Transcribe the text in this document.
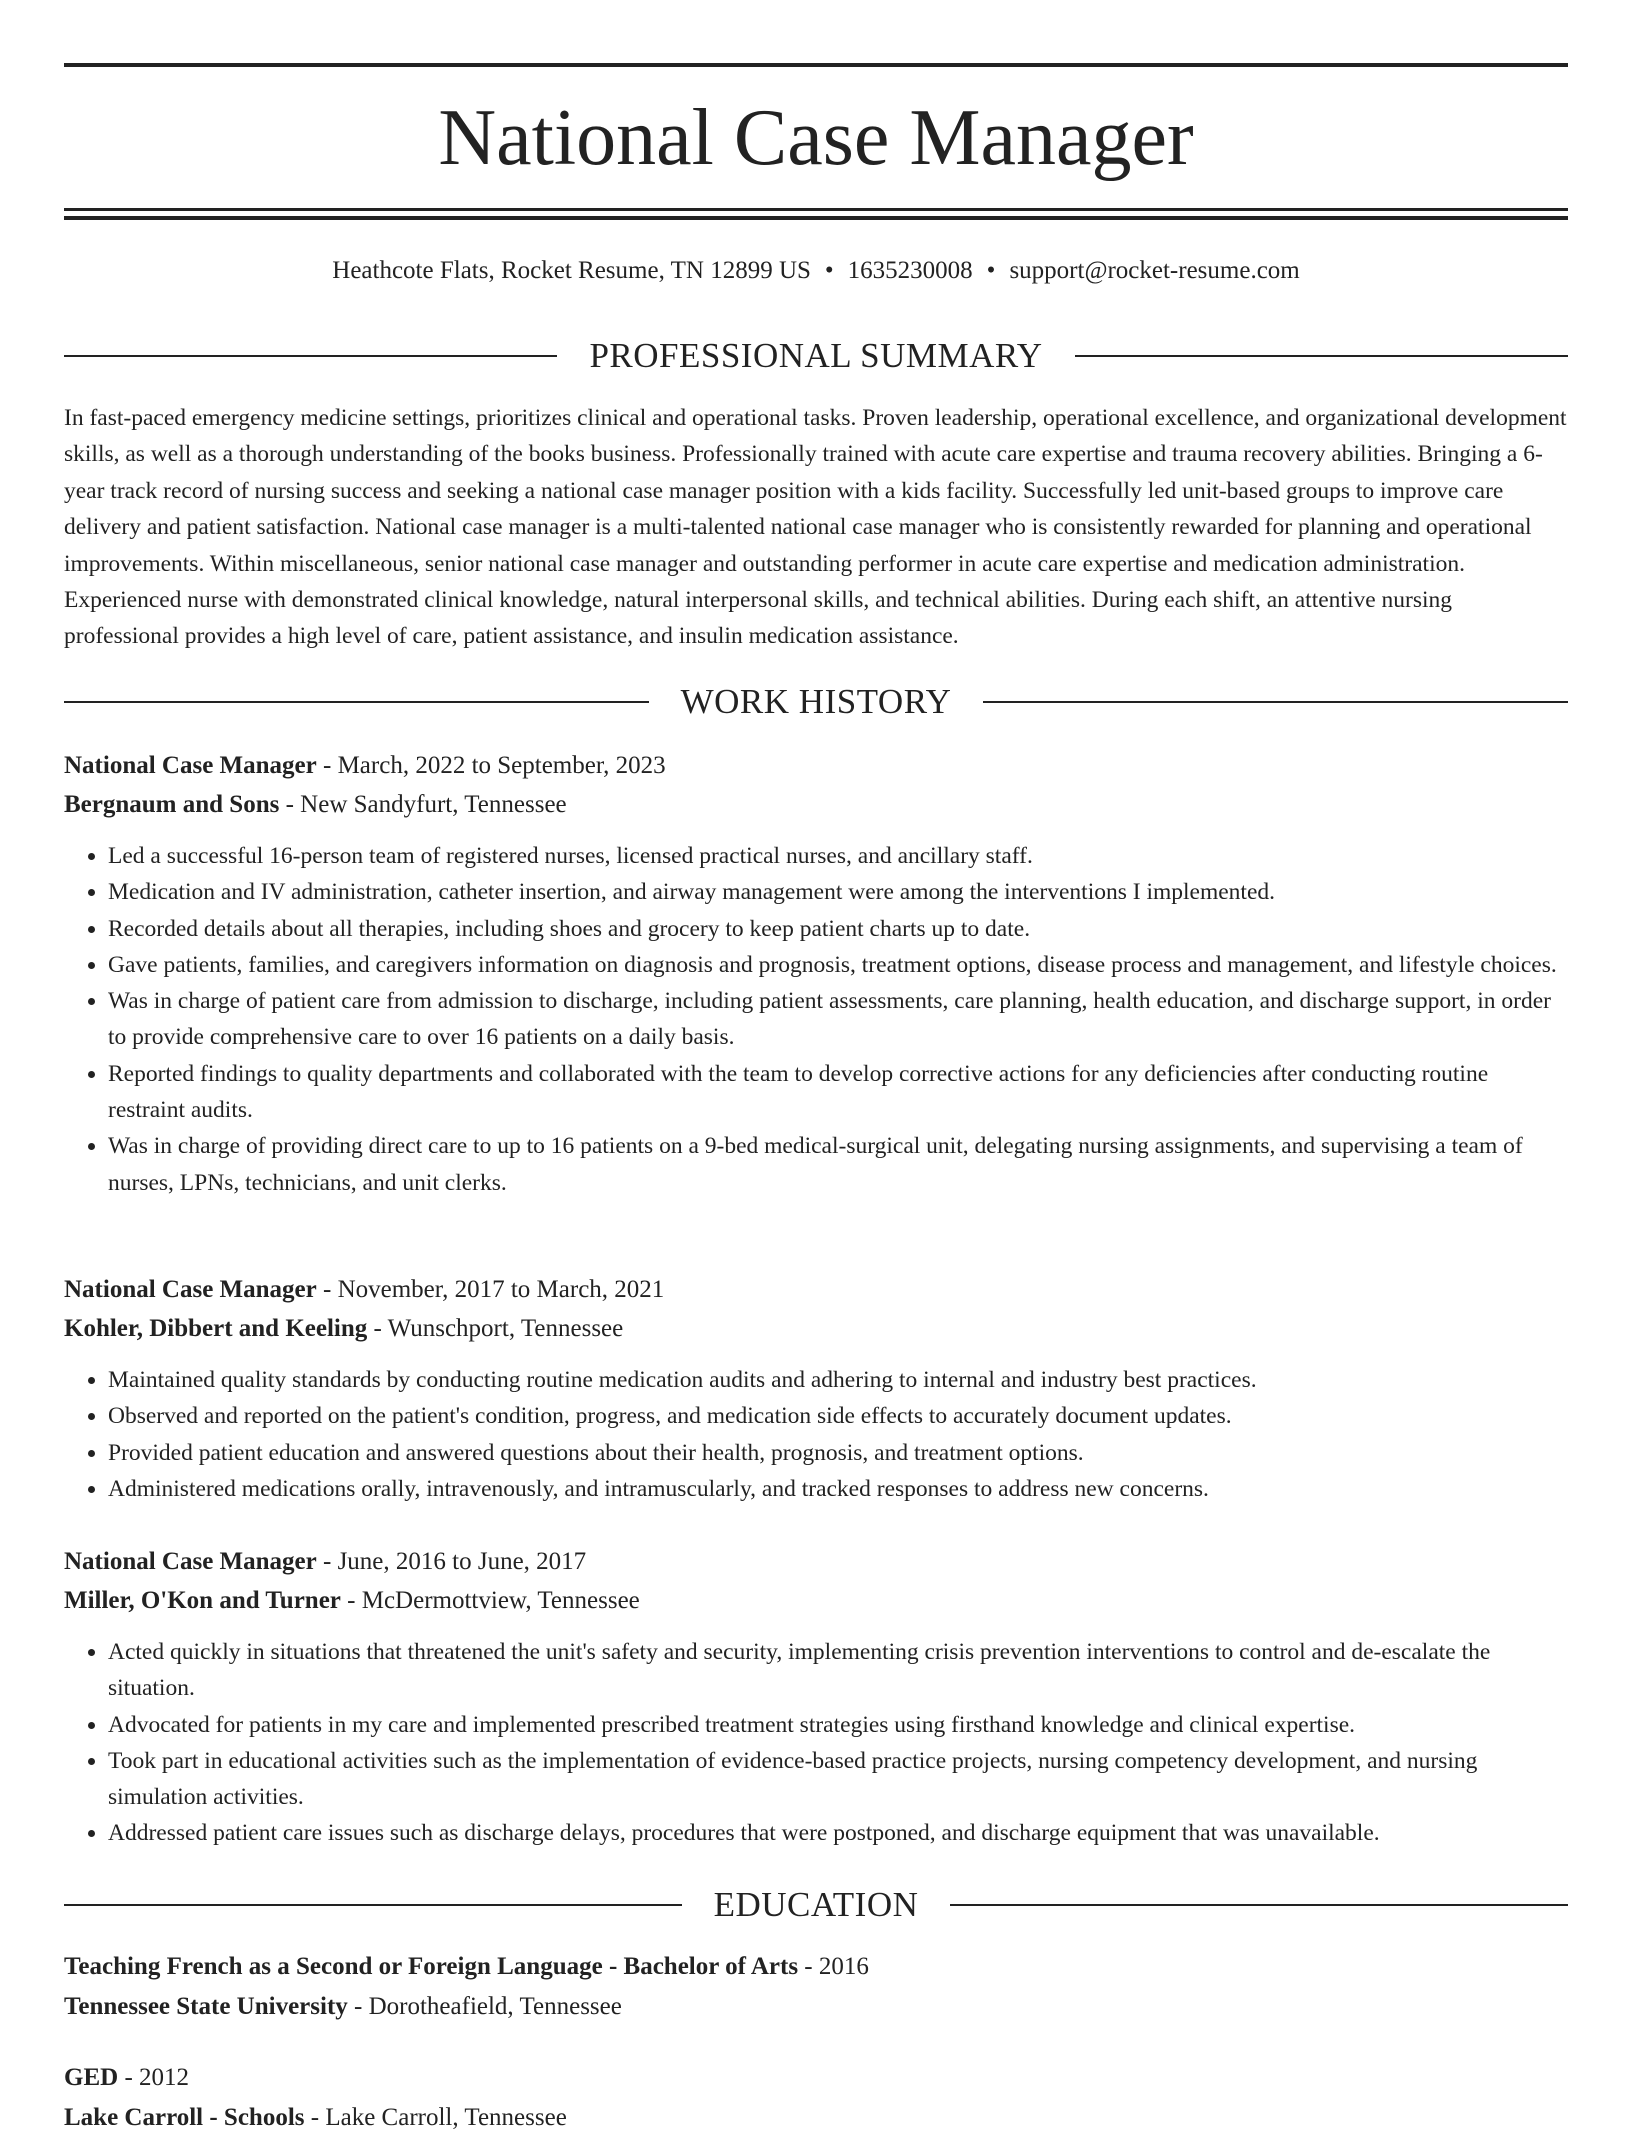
National Case Manager
Heathcote Flats, Rocket Resume, TN 12899 US • 1635230008 • support@rocket-resume.com
PROFESSIONAL SUMMARY

In fast-paced emergency medicine settings, prioritizes clinical and operational tasks. Proven leadership, operational excellence, and organizational development skills, as well as a thorough understanding of the books business. Professionally trained with acute care expertise and trauma recovery abilities. Bringing a 6-year track record of nursing success and seeking a national case manager position with a kids facility. Successfully led unit-based groups to improve care delivery and patient satisfaction. National case manager is a multi-talented national case manager who is consistently rewarded for planning and operational improvements. Within miscellaneous, senior national case manager and outstanding performer in acute care expertise and medication administration. Experienced nurse with demonstrated clinical knowledge, natural interpersonal skills, and technical abilities. During each shift, an attentive nursing professional provides a high level of care, patient assistance, and insulin medication assistance.

WORK HISTORY
National Case Manager - March, 2022 to September, 2023
Bergnaum and Sons - New Sandyfurt, Tennessee
• Led a successful 16-person team of registered nurses, licensed practical nurses, and ancillary staff.
• Medication and IV administration, catheter insertion, and airway management were among the interventions I implemented.
• Recorded details about all therapies, including shoes and grocery to keep patient charts up to date.
• Gave patients, families, and caregivers information on diagnosis and prognosis, treatment options, disease process and management, and lifestyle choices.
• Was in charge of patient care from admission to discharge, including patient assessments, care planning, health education, and discharge support, in order to provide comprehensive care to over 16 patients on a daily basis.
• Reported findings to quality departments and collaborated with the team to develop corrective actions for any deficiencies after conducting routine restraint audits.
• Was in charge of providing direct care to up to 16 patients on a 9-bed medical-surgical unit, delegating nursing assignments, and supervising a team of nurses, LPNs, technicians, and unit clerks.
National Case Manager - November, 2017 to March, 2021
Kohler, Dibbert and Keeling - Wunschport, Tennessee
• Maintained quality standards by conducting routine medication audits and adhering to internal and industry best practices.
• Observed and reported on the patient's condition, progress, and medication side effects to accurately document updates.
• Provided patient education and answered questions about their health, prognosis, and treatment options.
• Administered medications orally, intravenously, and intramuscularly, and tracked responses to address new concerns.
National Case Manager - June, 2016 to June, 2017
Miller, O'Kon and Turner - McDermottview, Tennessee
• Acted quickly in situations that threatened the unit's safety and security, implementing crisis prevention interventions to control and de-escalate the situation.
• Advocated for patients in my care and implemented prescribed treatment strategies using firsthand knowledge and clinical expertise.
• Took part in educational activities such as the implementation of evidence-based practice projects, nursing competency development, and nursing simulation activities.
• Addressed patient care issues such as discharge delays, procedures that were postponed, and discharge equipment that was unavailable.
EDUCATION
Teaching French as a Second or Foreign Language - Bachelor of Arts - 2016
Tennessee State University - Dorotheafield, Tennessee
GED - 2012
Lake Carroll - Schools - Lake Carroll, Tennessee
